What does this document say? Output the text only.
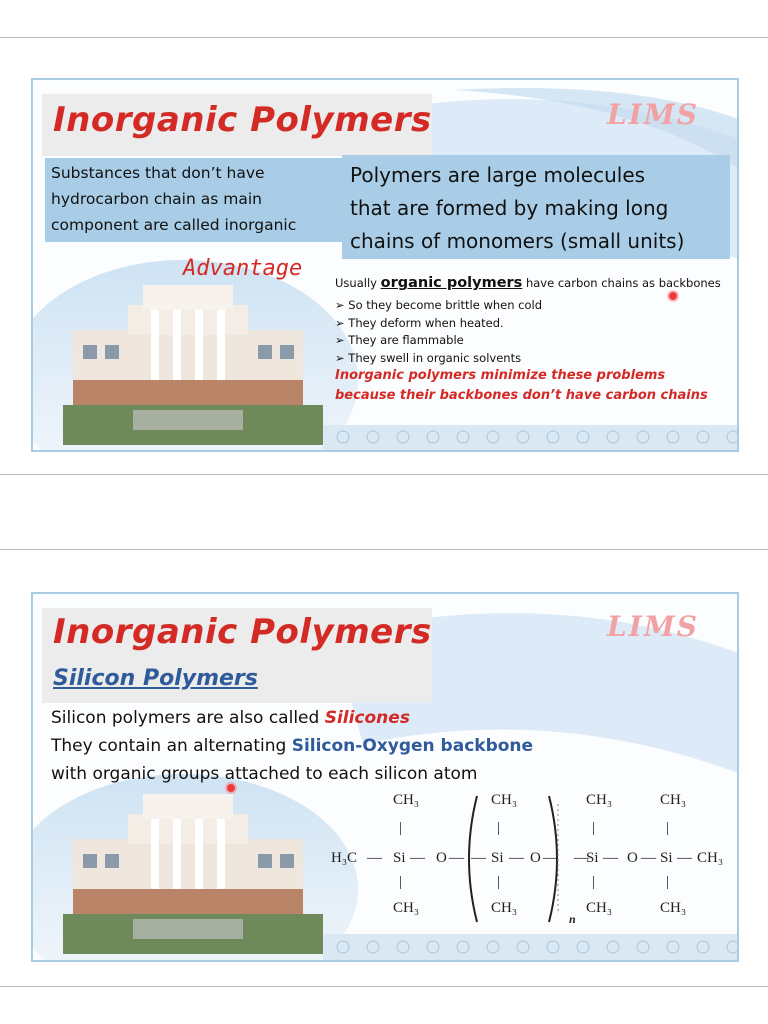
Inorganic Polymers	LIMS
Substances that don’t have
hydrocarbon chain as main
component are called inorganic
Polymers are large molecules
that are formed by making long
chains of monomers (small units)
Advantage
Usually organic polymers have carbon chains as backbones
➢ So they become brittle when cold
➢ They deform when heated.
➢ They are flammable
➢ They swell in organic solvents
Inorganic polymers minimize these problems
because their backbones don’t have carbon chains
Inorganic Polymers	LIMS
Silicon Polymers
Silicon polymers are also called Silicones
They contain an alternating Silicon-Oxygen backbone
with organic groups attached to each silicon atom
CH₃	CH₃	CH₃	CH₃
|	|	|	|
H₃C — Si — O — — Si — O — —
Si — O — Si — CH₃
|	|	|	|
CH₃	CH₃	CH₃	CH₃
n
